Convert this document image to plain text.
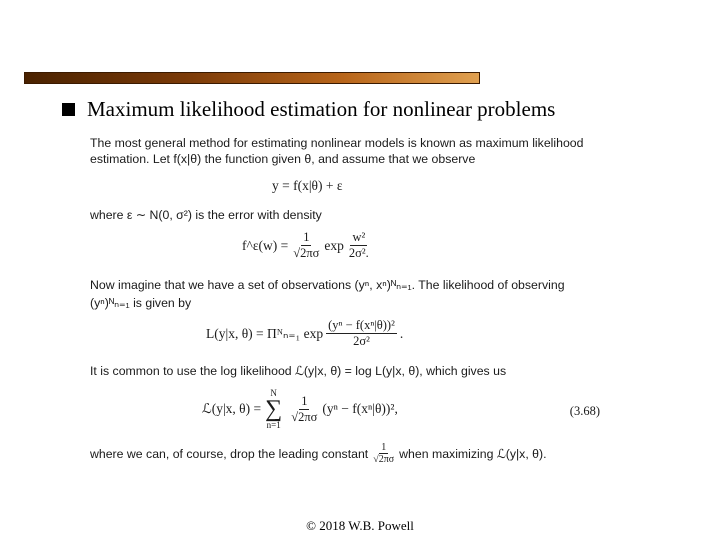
Maximum likelihood estimation for nonlinear problems
The most general method for estimating nonlinear models is known as maximum likelihood
estimation. Let f(x|θ) the function given θ, and assume that we observe
y = f(x|θ) + ε
where ε ∼ N(0, σ²) is the error with density
f^ε(w) = $\frac{1}{√2\pi\sigma}$ $\exp \frac{\text{w²}}{\text{2σ².}}$
Now imagine that we have a set of observations (yⁿ, xⁿ)ᴺₙ₌₁. The likelihood of observing
(yⁿ)ᴺₙ₌₁ is given by
L(y|x, θ) = Πᴺₙ₌₁ $\exp \frac{\text{(yⁿ − f(xⁿ|θ))²}}{\text{2σ²}}$ .
It is common to use the log likelihood ℒ(y|x, θ) = log L(y|x, θ), which gives us
ℒ(y|x, θ) =
N
∑
n=1
$\frac{1}{√2\pi\sigma} (y^n - f(x^n|\theta))^2$,	(3.68)
where we can, of course, drop the leading constant $\frac{1}{√2\pi\sigma}$ when maximizing ℒ(y|x, θ).
© 2018 W.B. Powell
